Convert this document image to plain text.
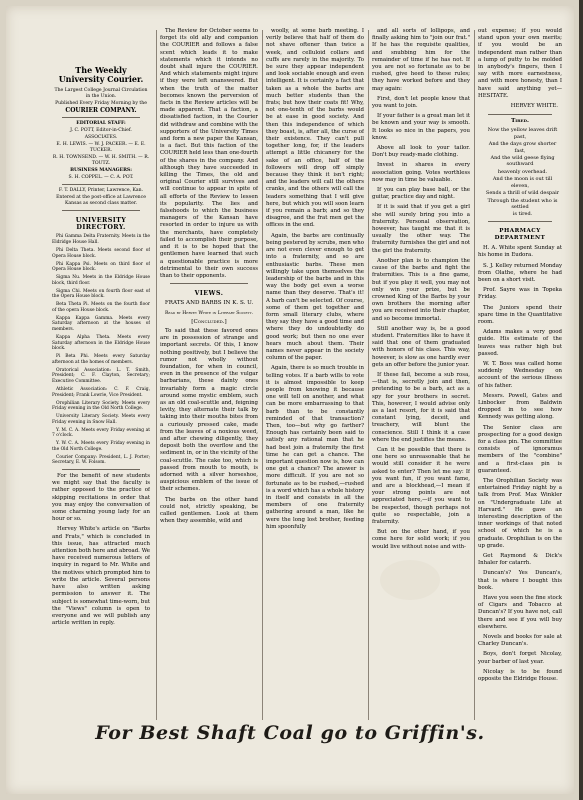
The Weekly University Courier.
The Largest College Journal Circulation in the Union.
Published Every Friday Morning by the
COURIER COMPANY.
EDITORIAL STAFF:
J. C. POTT, Editor-in-Chief.
ASSOCIATES.
E. H. LEWIS. — W. J. PACKER. — E. E. TUCKER.
R. H. TOWNSEND. — W. H. SMITH. — R. TOUTZ.
BUSINESS MANAGERS:
S. H. COPPEL. — C. A. POT.
F. T. DALLY, Printer, Lawrence, Kan.
Entered at the post-office at Lawrence Kansas as second class matter.
UNIVERSITY DIRECTORY.
Phi Gamma Delta Fraternity. Meets in the Eldridge House Hall.
Phi Delta Theta. Meets second floor of Opera House block.
Phi Kappa Psi. Meets on third floor of Opera House block.
Sigma Nu. Meets in the Eldridge House block, third floor.
Sigma Chi. Meets on fourth floor east of the Opera House block.
Beta Theta Pi. Meets on the fourth floor of the opera House block.
Kappa Kappa Gamma. Meets every Saturday afternoon at the houses of members.
Kappa Alpha Theta. Meets every Saturday afternoon in the Eldridge House block.
Pi Beta Phi. Meets every Saturday afternoon at the homes of members.
Oratorical Association: L. T. Smith, President; C. F. Clayton, Secretary; Executive Committee.
Athletic Association: C. F. Craig, President; Frank Lowrie, Vice President.
Orophilian Literary Society. Meets every Friday evening in the Old North College.
University Literary Society. Meets every Friday evening in Snow Hall.
Y. M. C. A. Meets every Friday evening at 7 o'clock.
Y. W. C. A. Meets every Friday evening in the Old North College.
Courier Company: President, L. J. Porter; Secretary, E. W. Folsom.

For the benefit of new students we might say that the faculty is rather opposed to the practice of skipping recitations in order that you may enjoy the conversation of some charming young lady for an hour or so.

Hervey White's article on "Barbs and Frats," which is concluded in this issue, has attracted much attention both here and abroad. We have received numerous letters of inquiry in regard to Mr. White and the motives which prompted him to write the article. Several persons have also written asking permission to answer it. The subject is somewhat time-worn, but the "Views" column is open to everyone and we will publish any article written in reply.

The Review for October seems to forget its old ally and companion the COURIER and follows a false scent which leads it to make statements which it intends no doubt shall injure the COURIER. And which statements might injure if they were left unanswered. But when the truth of the matter becomes known the perversion of facts in the Review articles will be made apparent. That a faction, a dissatisfied faction, in the Courier did withdraw and combine with the supporters of the University Times and form a new paper the Kansan, is a fact. But this faction of the COURIER held less than one-fourth of the shares in the company. And although they have succeeded in killing the Times, the old and original Courier still survives and will continue to appear in spite of all efforts of the Review to lessen its popularity. The lies and falsehoods to which the business managers of the Kansan have resorted in order to injure us with the merchants, have completely failed to accomplish their purpose, and it is to be hoped that the gentlemen have learned that such a questionable practice is more detrimental to their own success than to their opponents.

VIEWS.
FRATS AND BARBS IN K. S. U.
Read by Hervey White in Literary Society.
[Concluded.]

To said that these favored ones are in possession of strange and important secrets. Of this, I know nothing positively, but I believe the rumor not wholly without foundation, for when in council, even in the presence of the vulgar barbarians, these dainty ones invariably form a magic circle around some mystic emblem, such as an old coal-scuttle and, feigning levity, they alternate their talk by taking into their mouths bites from a curiously pressed cake, made from the leaves of a noxious weed, and after chewing diligently, they deposit both the overflow and the sediment in, or in the vicinity of the coal-scuttle. The cake too, which is passed from mouth to mouth, is adorned with a silver horseshoe, auspicious emblem of the issue of their schemes.

The barbs on the other hand could not, strictly speaking, be called gentlemen. Look at them when they assemble, wild and

woolly, at some barb meeting. I verily believe that half of them do not shave oftener than twice a week, and celluloid collars and cuffs are rarely in the majority. To be sure they appear independent and look sociable enough and even intelligent. It is certainly a fact that taken as a whole the barbs are much better students than the frats; but how their coats fit! Why, not one-tenth of the barbs would be at ease in good society. And then this independence of which they boast, is, after all, the curse of their existence. They can't pull together long, for, if the leaders attempt a little chicanery for the sake of an office, half of the followers will drop off simply because they think it isn't right; and the leaders will call the others cranks, and the others will call the leaders something that I will give here, but which you will soon learn if you remain a barb; and so they disagree, and the frat men get the offices in the end.

Again, the barbs are continually being pestered by scrubs, men who are not even clever enough to get into a fraternity, and so are enthusiastic barbs. These men willingly take upon themselves the leadership of the barbs and in this way the body get even a worse name than they deserve. That's it! A barb can't be selected. Of course, some of them get together and form small literary clubs, where they say they have a good time and where they do undoubtedly do good work; but then no one ever hears much about them. Their names never appear in the society column of the paper.

Again, there is so much trouble in telling votes. If a barb wills to vote it is almost impossible to keep people from knowing it because one will tell on another, and what can be more embarrassing to that barb than to be constantly reminded of that transaction? Then, too—but why go farther? Enough has certainly been said to satisfy any rational man that he had best join a fraternity the first time he can get a chance. The important question now is, how can one get a chance? The answer is more difficult. If you are not so fortunate as to be rushed,—rushed is a word which has a whole history in itself and consists in all the members of one fraternity gathering around a man, like he were the long lost brother, feeding him spoonfully

and all sorts of lollipops, and finally asking him to "join our frat." If he has the requisite qualities, and snubbing him for the remainder of time if he has not. If you are not so fortunate as to be rushed, give heed to these rules; they have worked before and they may again:

First, don't let people know that you want to join.

If your father is a great man let it be known and your way is smooth. It looks so nice in the papers, you know.

Above all look to your tailor. Don't buy ready-made clothing.

Invest in shares in every association going. Votes worthless now may in time be valuable.

If you can play base ball, or the guitar, practice day and night.

If it is said that if you get a girl she will surely bring you into a fraternity. Personal observation, however, has taught me that it is usually the other way. The fraternity furnishes the girl and not the girl the fraternity.

Another plan is to champion the cause of the barbs and fight the fraternities. This is a fine game, but if you play it well, you may not only win your prize, but be crowned King of the Barbs by your own brothers the morning after you are received into their chapter, and so become immortal.

Still another way is, be a good student. Fraternities like to have it said that one of them graduated with honors of his class. This way, however, is slow as one hardly ever gets an offer before the junior year.

If these fail, become a sub rosa, —that is, secretly join and then, pretending to be a barb, act as a spy for your brothers in secret. This, however, I would advise only as a last resort, for it is said that constant lying, deceit, and treachery, will blunt the conscience. Still I think it a case where the end justifies the means.

Can it be possible that there is one here so unreasonable that he would still consider it he were asked to enter? Then let me say: If you want fun, if you want fame, and are a blockhead,—I mean if your strong points are not appreciated here,—if you want to be respected, though perhaps not quite so respectable, join a fraternity.

But on the other hand, if you come here for solid work; if you would live without noise and with-

out expense; if you would stand upon your own merits; if you would be an independent man rather than a lump of putty to be molded in anybody's fingers, then I say with more earnestness, and with more honesty, than I have said anything yet—HESITATE.

HERVEY WHITE.
Tired.

Now the yellow leaves drift past,

And the days grow shorter fast,

And the wild geese flying southward

heavenly overhead.

And the moon is out till eleven,

Sends a thrill of wild despair

Through the student who is settled

is tired.

PHARMACY DEPARTMENT

H. A. White spent Sunday at his home in Eudora.

S. J. Kelley returned Monday from Olathe, where he had been on a short visit.

Prof. Sayre was in Topeka Friday.

The Juniors spend their spare time in the Quantitative room.

Adams makes a very good guide. His estimate of the leaves was rather high but passed.

W. T. Boss was called home suddenly Wednesday on account of the serious illness of his father.

Messrs. Powell, Gates and Linbocker from Baldwin dropped in to see how Kennedy was getting along.

The Senior class are prospecting for a good design for a class pin. The committee consists of ignoramus members of the "combine" and a first-class pin is guaranteed.

The Orophilian Society was entertained Friday night by a talk from Prof. Max Winkler on "Undergraduate Life at Harvard." He gave an interesting description of the inner workings of that noted school of which he is a graduate. Orophilian is on the up grade.

Get Raymond & Dick's Inhaler for catarrh.

Duncan's? Yes Duncan's, that is where I bought this book.

Have you seen the fine stock of Cigars and Tobacco at Duncan's? If you have not, call there and see if you will buy elsewhere.

Novels and books for sale at Charley Duncan's.

Boys, don't forget Nicolay, your barber of last year.

Nicolay is to be found opposite the Eldridge House.

For Best Shaft Coal go to Griffin's.
